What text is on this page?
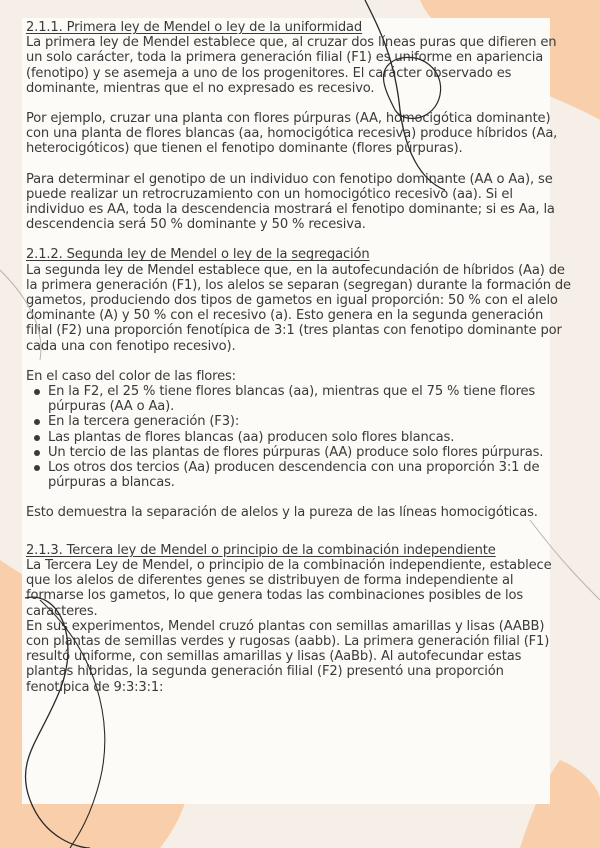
2.1.1. Primera ley de Mendel o ley de la uniformidad

La primera ley de Mendel establece que, al cruzar dos líneas puras que difieren en un solo carácter, toda la primera generación filial (F1) es uniforme en apariencia (fenotipo) y se asemeja a uno de los progenitores. El carácter observado es dominante, mientras que el no expresado es recesivo.

Por ejemplo, cruzar una planta con flores púrpuras (AA, homocigótica dominante) con una planta de flores blancas (aa, homocigótica recesiva) produce híbridos (Aa, heterocigóticos) que tienen el fenotipo dominante (flores púrpuras).

Para determinar el genotipo de un individuo con fenotipo dominante (AA o Aa), se puede realizar un retrocruzamiento con un homocigótico recesivo (aa). Si el individuo es AA, toda la descendencia mostrará el fenotipo dominante; si es Aa, la descendencia será 50 % dominante y 50 % recesiva.

2.1.2. Segunda ley de Mendel o ley de la segregación

La segunda ley de Mendel establece que, en la autofecundación de híbridos (Aa) de la primera generación (F1), los alelos se separan (segregan) durante la formación de gametos, produciendo dos tipos de gametos en igual proporción: 50 % con el alelo dominante (A) y 50 % con el recesivo (a). Esto genera en la segunda generación filial (F2) una proporción fenotípica de 3:1 (tres plantas con fenotipo dominante por cada una con fenotipo recesivo).

En el caso del color de las flores:

En la F2, el 25 % tiene flores blancas (aa), mientras que el 75 % tiene flores púrpuras (AA o Aa).
En la tercera generación (F3):
Las plantas de flores blancas (aa) producen solo flores blancas.
Un tercio de las plantas de flores púrpuras (AA) produce solo flores púrpuras.
Los otros dos tercios (Aa) producen descendencia con una proporción 3:1 de púrpuras a blancas.

Esto demuestra la separación de alelos y la pureza de las líneas homocigóticas.

2.1.3. Tercera ley de Mendel o principio de la combinación independiente

La Tercera Ley de Mendel, o principio de la combinación independiente, establece que los alelos de diferentes genes se distribuyen de forma independiente al formarse los gametos, lo que genera todas las combinaciones posibles de los caracteres.

En sus experimentos, Mendel cruzó plantas con semillas amarillas y lisas (AABB) con plantas de semillas verdes y rugosas (aabb). La primera generación filial (F1) resultó uniforme, con semillas amarillas y lisas (AaBb). Al autofecundar estas plantas híbridas, la segunda generación filial (F2) presentó una proporción fenotípica de 9:3:3:1:
